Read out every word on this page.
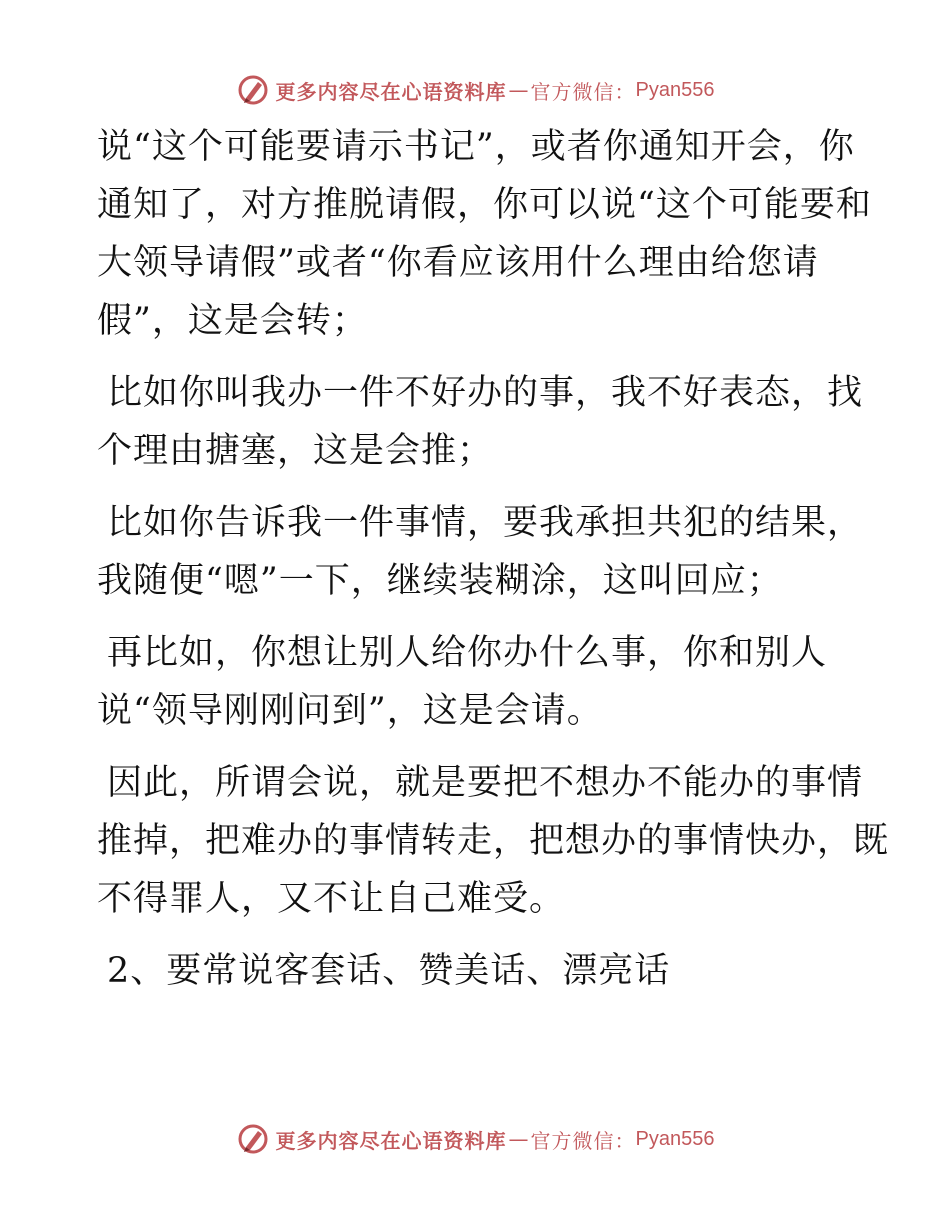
更多内容尽在心语资料库 — 官方微信： Pyan556
说“这个可能要请示书记”，或者你通知开会，你
通知了，对方推脱请假，你可以说“这个可能要和
大领导请假”或者“你看应该用什么理由给您请
假”，这是会转；
比如你叫我办一件不好办的事，我不好表态，找
个理由搪塞，这是会推；
比如你告诉我一件事情，要我承担共犯的结果，
我随便“嗯”一下，继续装糊涂，这叫回应；
再比如，你想让别人给你办什么事，你和别人
说“领导刚刚问到”，这是会请。
因此，所谓会说，就是要把不想办不能办的事情
推掉，把难办的事情转走，把想办的事情快办，既
不得罪人，又不让自己难受。
2、要常说客套话、赞美话、漂亮话
更多内容尽在心语资料库 — 官方微信： Pyan556
